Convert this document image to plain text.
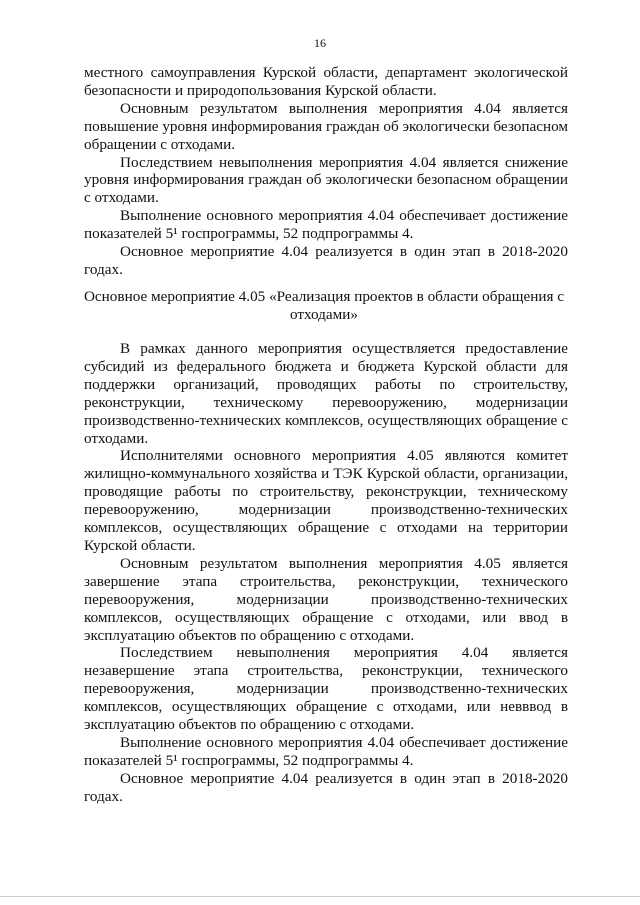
16

местного самоуправления Курской области, департамент экологической безопасности и природопользования Курской области.

Основным результатом выполнения мероприятия 4.04 является повышение уровня информирования граждан об экологически безопасном обращении с отходами.

Последствием невыполнения мероприятия 4.04 является снижение уровня информирования граждан об экологически безопасном обращении с отходами.

Выполнение основного мероприятия 4.04 обеспечивает достижение показателей 5¹ госпрограммы, 52 подпрограммы 4.

Основное мероприятие 4.04 реализуется в один этап в 2018-2020 годах.

Основное мероприятие 4.05 «Реализация проектов в области обращения с отходами»

В рамках данного мероприятия осуществляется предоставление субсидий из федерального бюджета и бюджета Курской области для поддержки организаций, проводящих работы по строительству, реконструкции, техническому перевооружению, модернизации производственно-технических комплексов, осуществляющих обращение с отходами.

Исполнителями основного мероприятия 4.05 являются комитет жилищно-коммунального хозяйства и ТЭК Курской области, организации, проводящие работы по строительству, реконструкции, техническому перевооружению, модернизации производственно-технических комплексов, осуществляющих обращение с отходами на территории Курской области.

Основным результатом выполнения мероприятия 4.05 является завершение этапа строительства, реконструкции, технического перевооружения, модернизации производственно-технических комплексов, осуществляющих обращение с отходами, или ввод в эксплуатацию объектов по обращению с отходами.

Последствием невыполнения мероприятия 4.04 является незавершение этапа строительства, реконструкции, технического перевооружения, модернизации производственно-технических комплексов, осуществляющих обращение с отходами, или невввод в эксплуатацию объектов по обращению с отходами.

Выполнение основного мероприятия 4.04 обеспечивает достижение показателей 5¹ госпрограммы, 52 подпрограммы 4.

Основное мероприятие 4.04 реализуется в один этап в 2018-2020 годах.
